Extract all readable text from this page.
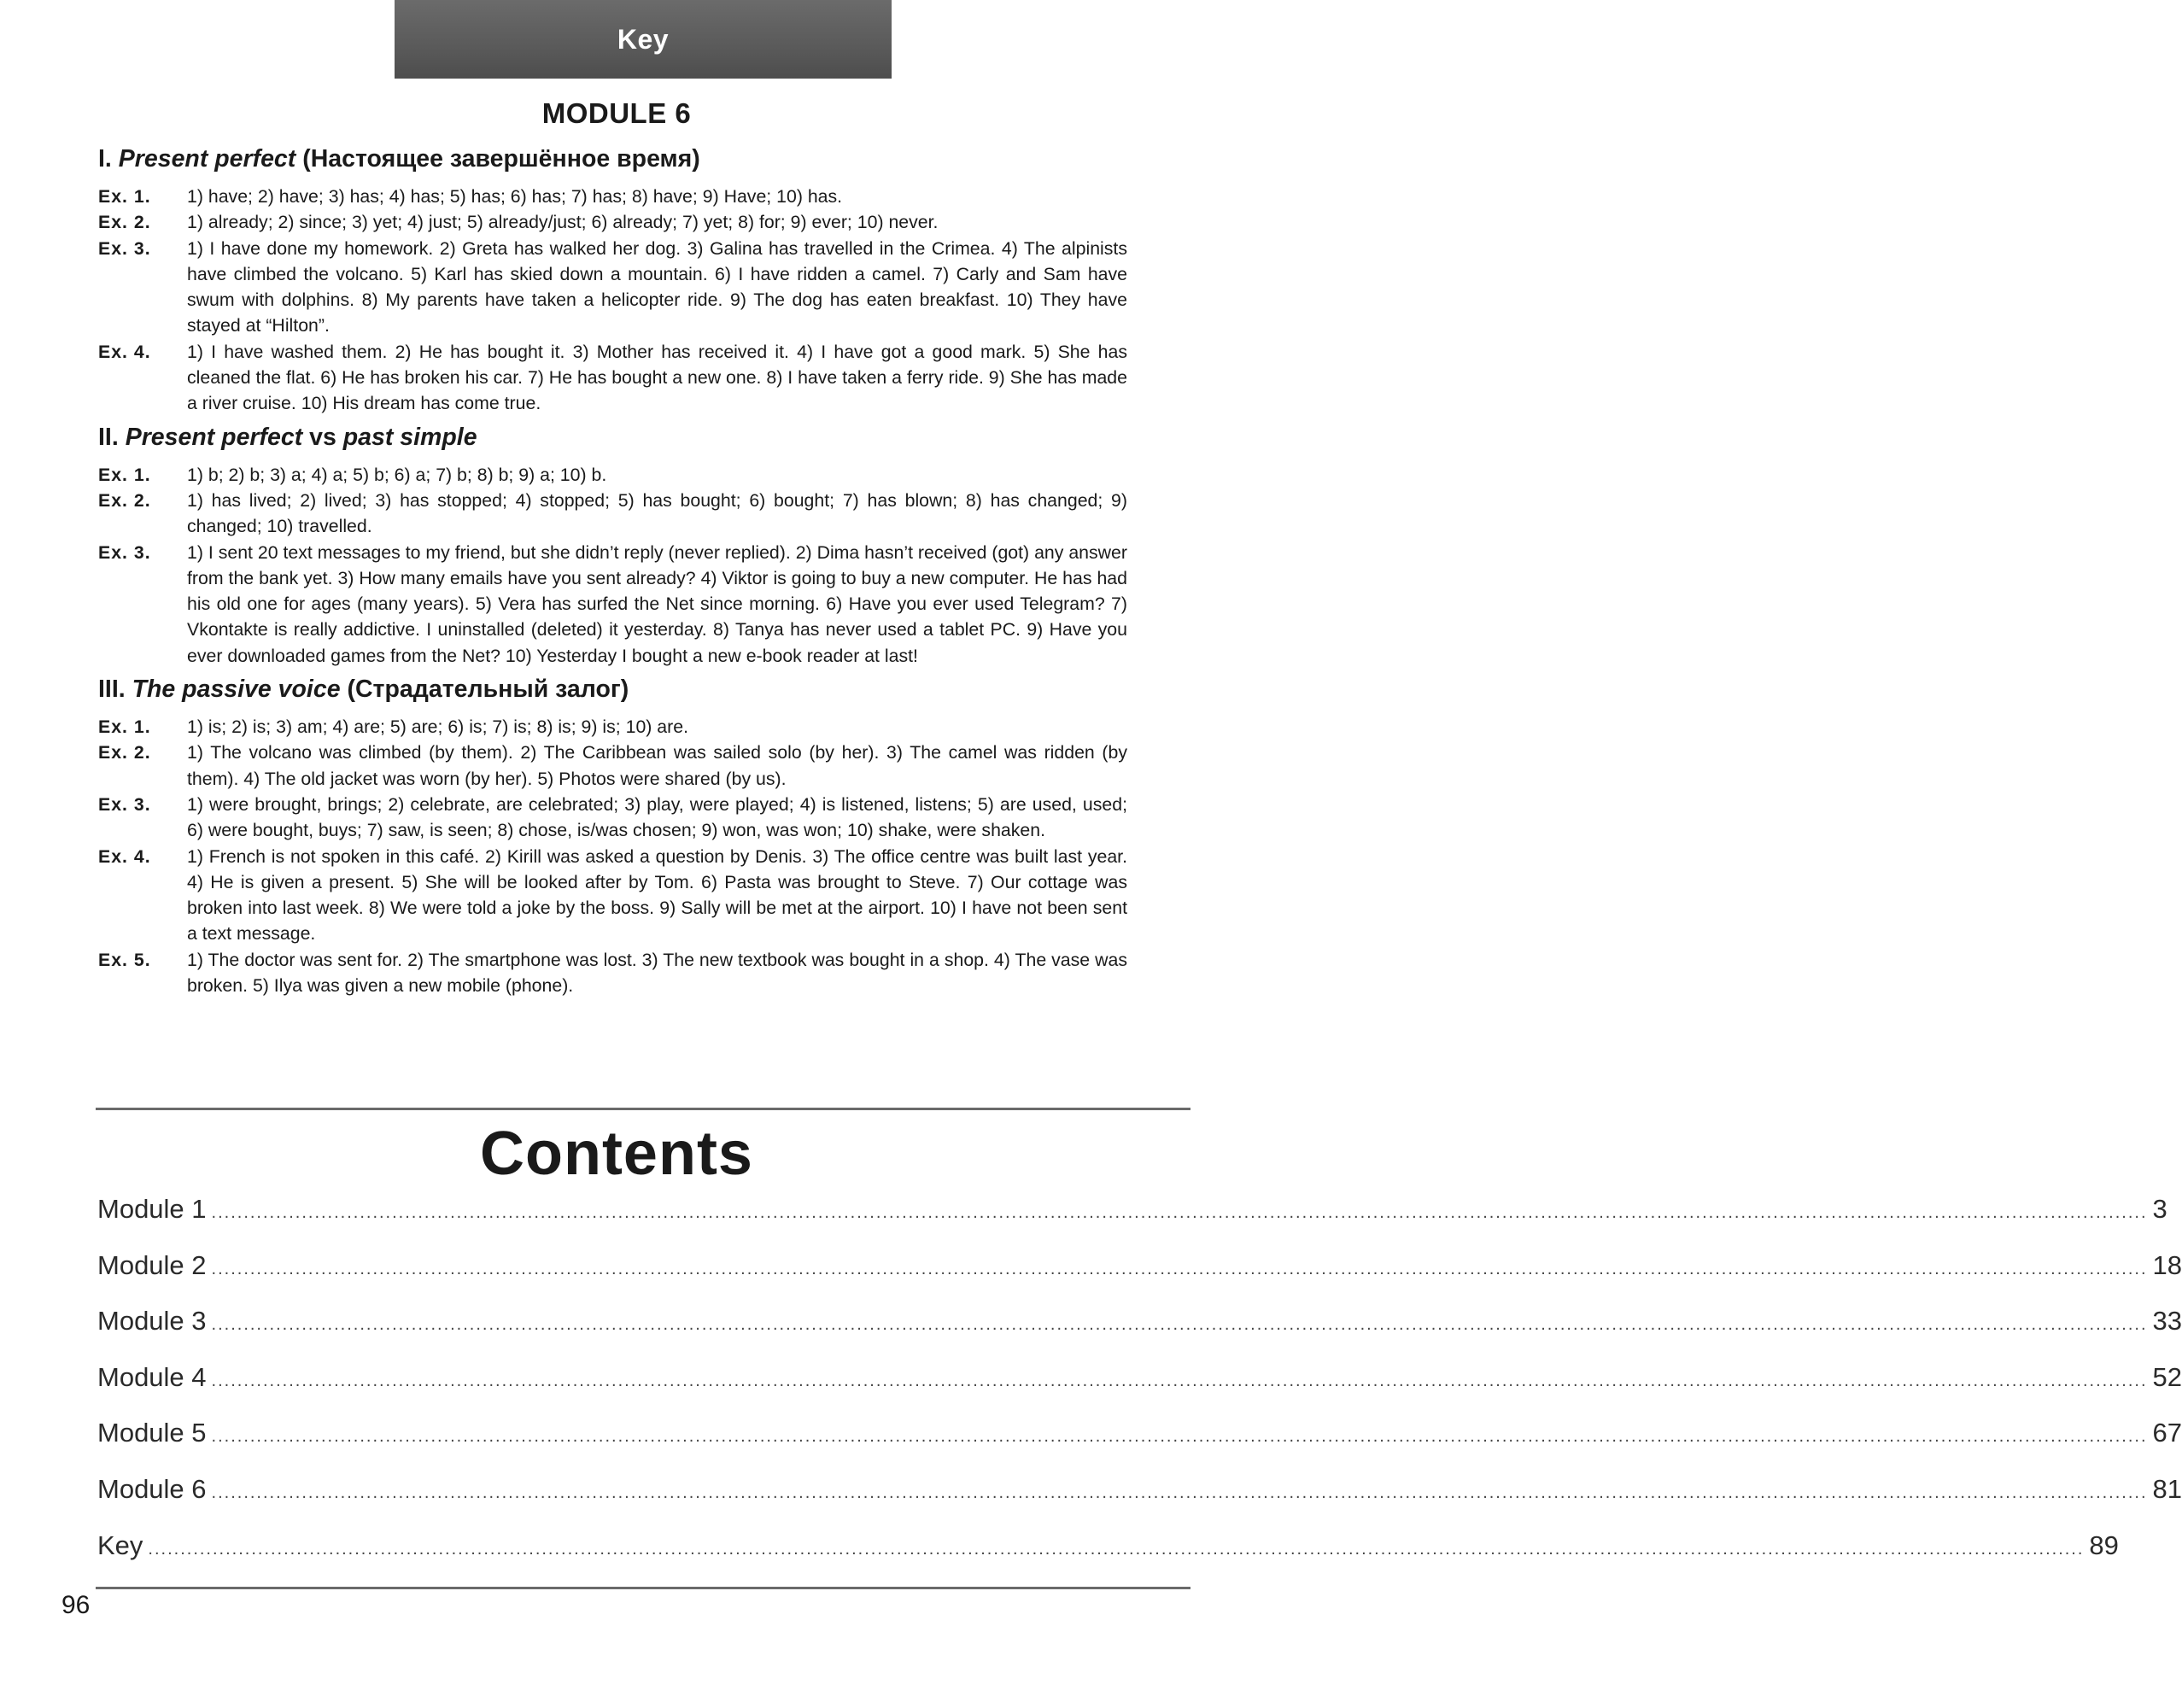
Key
MODULE 6
I. Present perfect (Настоящее завершённое время)
Ex. 1.	1) have; 2) have; 3) has; 4) has; 5) has; 6) has; 7) has; 8) have; 9) Have; 10) has.
Ex. 2.	1) already; 2) since; 3) yet; 4) just; 5) already/just; 6) already; 7) yet; 8) for; 9) ever; 10) never.
Ex. 3.	1) I have done my homework. 2) Greta has walked her dog. 3) Galina has travelled in the Crimea. 4) The alpinists have climbed the volcano. 5) Karl has skied down a mountain. 6) I have ridden a camel. 7) Carly and Sam have swum with dolphins. 8) My parents have taken a helicopter ride. 9) The dog has eaten breakfast. 10) They have stayed at “Hilton”.
Ex. 4.	1) I have washed them. 2) He has bought it. 3) Mother has received it. 4) I have got a good mark. 5) She has cleaned the flat. 6) He has broken his car. 7) He has bought a new one. 8) I have taken a ferry ride. 9) She has made a river cruise. 10) His dream has come true.
II. Present perfect vs past simple
Ex. 1.	1) b; 2) b; 3) a; 4) a; 5) b; 6) a; 7) b; 8) b; 9) a; 10) b.
Ex. 2.	1) has lived; 2) lived; 3) has stopped; 4) stopped; 5) has bought; 6) bought; 7) has blown; 8) has changed; 9) changed; 10) travelled.
Ex. 3.	1) I sent 20 text messages to my friend, but she didn’t reply (never replied). 2) Dima hasn’t received (got) any answer from the bank yet. 3) How many emails have you sent already? 4) Viktor is going to buy a new computer. He has had his old one for ages (many years). 5) Vera has surfed the Net since morning. 6) Have you ever used Telegram? 7) Vkontakte is really addictive. I uninstalled (deleted) it yesterday. 8) Tanya has never used a tablet PC. 9) Have you ever downloaded games from the Net? 10) Yesterday I bought a new e-book reader at last!
III. The passive voice (Страдательный залог)
Ex. 1.	1) is; 2) is; 3) am; 4) are; 5) are; 6) is; 7) is; 8) is; 9) is; 10) are.
Ex. 2.	1) The volcano was climbed (by them). 2) The Caribbean was sailed solo (by her). 3) The camel was ridden (by them). 4) The old jacket was worn (by her). 5) Photos were shared (by us).
Ex. 3.	1) were brought, brings; 2) celebrate, are celebrated; 3) play, were played; 4) is listened, listens; 5) are used, used; 6) were bought, buys; 7) saw, is seen; 8) chose, is/was chosen; 9) won, was won; 10) shake, were shaken.
Ex. 4.	1) French is not spoken in this café. 2) Kirill was asked a question by Denis. 3) The office centre was built last year. 4) He is given a present. 5) She will be looked after by Tom. 6) Pasta was brought to Steve. 7) Our cottage was broken into last week. 8) We were told a joke by the boss. 9) Sally will be met at the airport. 10) I have not been sent a text message.
Ex. 5.	1) The doctor was sent for. 2) The smartphone was lost. 3) The new textbook was bought in a shop. 4) The vase was broken. 5) Ilya was given a new mobile (phone).
Contents
Module 1 ............................................................................................................................................................................................................................................................................................................ 3
Module 2 ............................................................................................................................................................................................................................................................................................................ 18
Module 3 ............................................................................................................................................................................................................................................................................................................ 33
Module 4 ............................................................................................................................................................................................................................................................................................................ 52
Module 5 ............................................................................................................................................................................................................................................................................................................ 67
Module 6 ............................................................................................................................................................................................................................................................................................................ 81
Key ............................................................................................................................................................................................................................................................................................................ 89
96
